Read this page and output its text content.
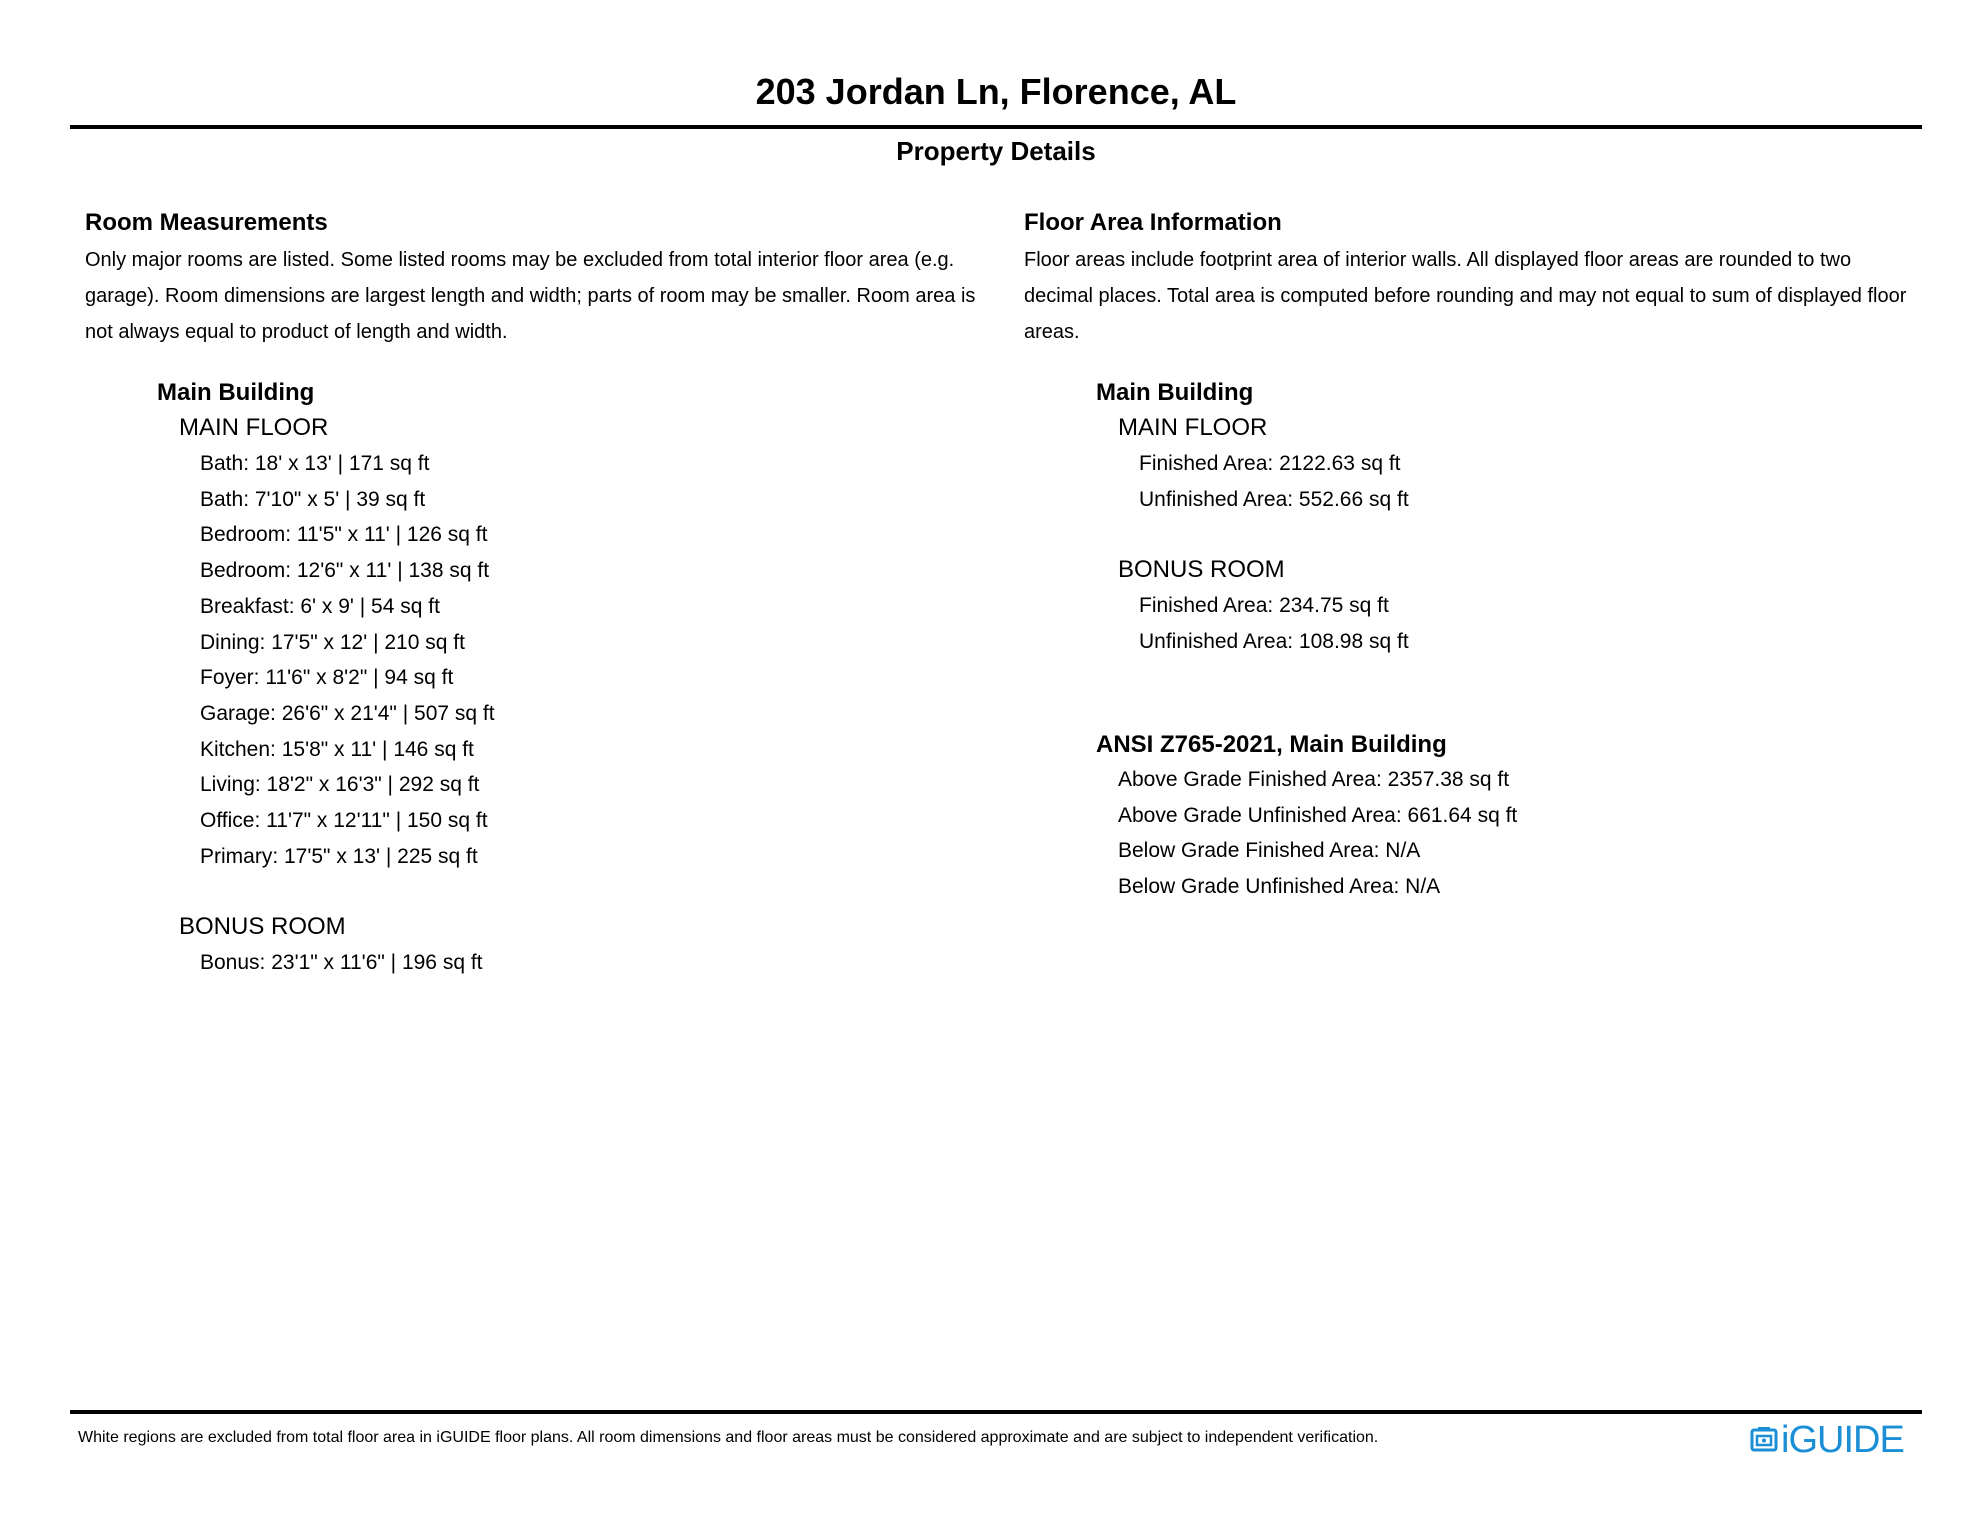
203 Jordan Ln, Florence, AL
Property Details
Room Measurements
Only major rooms are listed. Some listed rooms may be excluded from total interior floor area (e.g. garage). Room dimensions are largest length and width; parts of room may be smaller. Room area is not always equal to product of length and width.
Main Building
MAIN FLOOR
Bath: 18' x 13' | 171 sq ft
Bath: 7'10" x 5' | 39 sq ft
Bedroom: 11'5" x 11' | 126 sq ft
Bedroom: 12'6" x 11' | 138 sq ft
Breakfast: 6' x 9' | 54 sq ft
Dining: 17'5" x 12' | 210 sq ft
Foyer: 11'6" x 8'2" | 94 sq ft
Garage: 26'6" x 21'4" | 507 sq ft
Kitchen: 15'8" x 11' | 146 sq ft
Living: 18'2" x 16'3" | 292 sq ft
Office: 11'7" x 12'11" | 150 sq ft
Primary: 17'5" x 13' | 225 sq ft
BONUS ROOM
Bonus: 23'1" x 11'6" | 196 sq ft
Floor Area Information
Floor areas include footprint area of interior walls. All displayed floor areas are rounded to two decimal places. Total area is computed before rounding and may not equal to sum of displayed floor areas.
Main Building
MAIN FLOOR
Finished Area: 2122.63 sq ft
Unfinished Area: 552.66 sq ft
BONUS ROOM
Finished Area: 234.75 sq ft
Unfinished Area: 108.98 sq ft
ANSI Z765-2021, Main Building
Above Grade Finished Area: 2357.38 sq ft
Above Grade Unfinished Area: 661.64 sq ft
Below Grade Finished Area: N/A
Below Grade Unfinished Area: N/A
White regions are excluded from total floor area in iGUIDE floor plans. All room dimensions and floor areas must be considered approximate and are subject to independent verification.	iGUIDE
